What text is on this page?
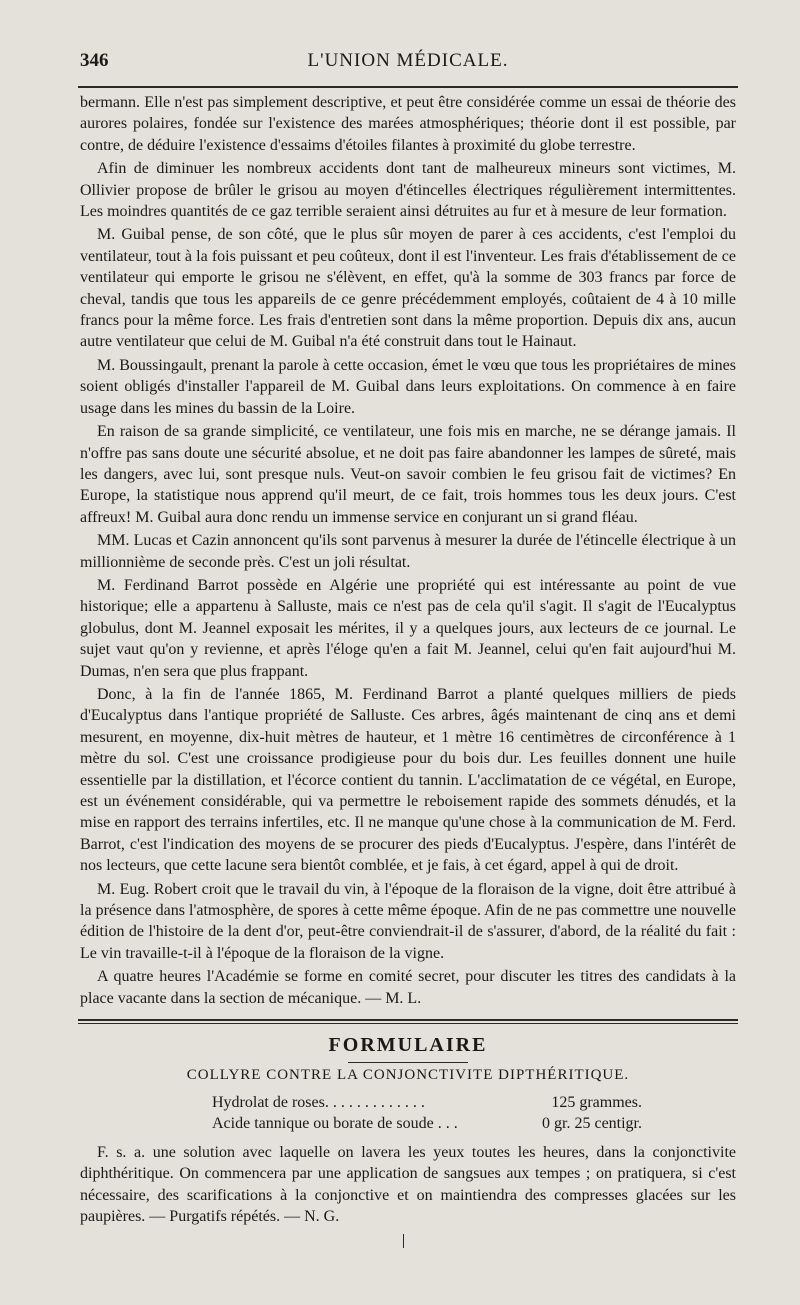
346	L'UNION MÉDICALE.

bermann. Elle n'est pas simplement descriptive, et peut être considérée comme un essai de théorie des aurores polaires, fondée sur l'existence des marées atmosphériques; théorie dont il est possible, par contre, de déduire l'existence d'essaims d'étoiles filantes à proximité du globe terrestre.

Afin de diminuer les nombreux accidents dont tant de malheureux mineurs sont victimes, M. Ollivier propose de brûler le grisou au moyen d'étincelles électriques régulièrement intermittentes. Les moindres quantités de ce gaz terrible seraient ainsi détruites au fur et à mesure de leur formation.

M. Guibal pense, de son côté, que le plus sûr moyen de parer à ces accidents, c'est l'emploi du ventilateur, tout à la fois puissant et peu coûteux, dont il est l'inventeur. Les frais d'établissement de ce ventilateur qui emporte le grisou ne s'élèvent, en effet, qu'à la somme de 303 francs par force de cheval, tandis que tous les appareils de ce genre précédemment employés, coûtaient de 4 à 10 mille francs pour la même force. Les frais d'entretien sont dans la même proportion. Depuis dix ans, aucun autre ventilateur que celui de M. Guibal n'a été construit dans tout le Hainaut.

M. Boussingault, prenant la parole à cette occasion, émet le vœu que tous les propriétaires de mines soient obligés d'installer l'appareil de M. Guibal dans leurs exploitations. On commence à en faire usage dans les mines du bassin de la Loire.

En raison de sa grande simplicité, ce ventilateur, une fois mis en marche, ne se dérange jamais. Il n'offre pas sans doute une sécurité absolue, et ne doit pas faire abandonner les lampes de sûreté, mais les dangers, avec lui, sont presque nuls. Veut-on savoir combien le feu grisou fait de victimes? En Europe, la statistique nous apprend qu'il meurt, de ce fait, trois hommes tous les deux jours. C'est affreux! M. Guibal aura donc rendu un immense service en conjurant un si grand fléau.

MM. Lucas et Cazin annoncent qu'ils sont parvenus à mesurer la durée de l'étincelle électrique à un millionnième de seconde près. C'est un joli résultat.

M. Ferdinand Barrot possède en Algérie une propriété qui est intéressante au point de vue historique; elle a appartenu à Salluste, mais ce n'est pas de cela qu'il s'agit. Il s'agit de l'Eucalyptus globulus, dont M. Jeannel exposait les mérites, il y a quelques jours, aux lecteurs de ce journal. Le sujet vaut qu'on y revienne, et après l'éloge qu'en a fait M. Jeannel, celui qu'en fait aujourd'hui M. Dumas, n'en sera que plus frappant.

Donc, à la fin de l'année 1865, M. Ferdinand Barrot a planté quelques milliers de pieds d'Eucalyptus dans l'antique propriété de Salluste. Ces arbres, âgés maintenant de cinq ans et demi mesurent, en moyenne, dix-huit mètres de hauteur, et 1 mètre 16 centimètres de circonférence à 1 mètre du sol. C'est une croissance prodigieuse pour du bois dur. Les feuilles donnent une huile essentielle par la distillation, et l'écorce contient du tannin. L'acclimatation de ce végétal, en Europe, est un événement considérable, qui va permettre le reboisement rapide des sommets dénudés, et la mise en rapport des terrains infertiles, etc. Il ne manque qu'une chose à la communication de M. Ferd. Barrot, c'est l'indication des moyens de se procurer des pieds d'Eucalyptus. J'espère, dans l'intérêt de nos lecteurs, que cette lacune sera bientôt comblée, et je fais, à cet égard, appel à qui de droit.

M. Eug. Robert croit que le travail du vin, à l'époque de la floraison de la vigne, doit être attribué à la présence dans l'atmosphère, de spores à cette même époque. Afin de ne pas commettre une nouvelle édition de l'histoire de la dent d'or, peut-être conviendrait-il de s'assurer, d'abord, de la réalité du fait : Le vin travaille-t-il à l'époque de la floraison de la vigne.

A quatre heures l'Académie se forme en comité secret, pour discuter les titres des candidats à la place vacante dans la section de mécanique. — M. L.

FORMULAIRE
COLLYRE CONTRE LA CONJONCTIVITE DIPTHÉRITIQUE.
Hydrolat de roses. . . . . . . . . . . . .	125 grammes.
Acide tannique ou borate de soude . . .	0 gr. 25 centigr.
F. s. a. une solution avec laquelle on lavera les yeux toutes les heures, dans la conjonctivite diphthéritique. On commencera par une application de sangsues aux tempes ; on pratiquera, si c'est nécessaire, des scarifications à la conjonctive et on maintiendra des compresses glacées sur les paupières. — Purgatifs répétés. — N. G.
